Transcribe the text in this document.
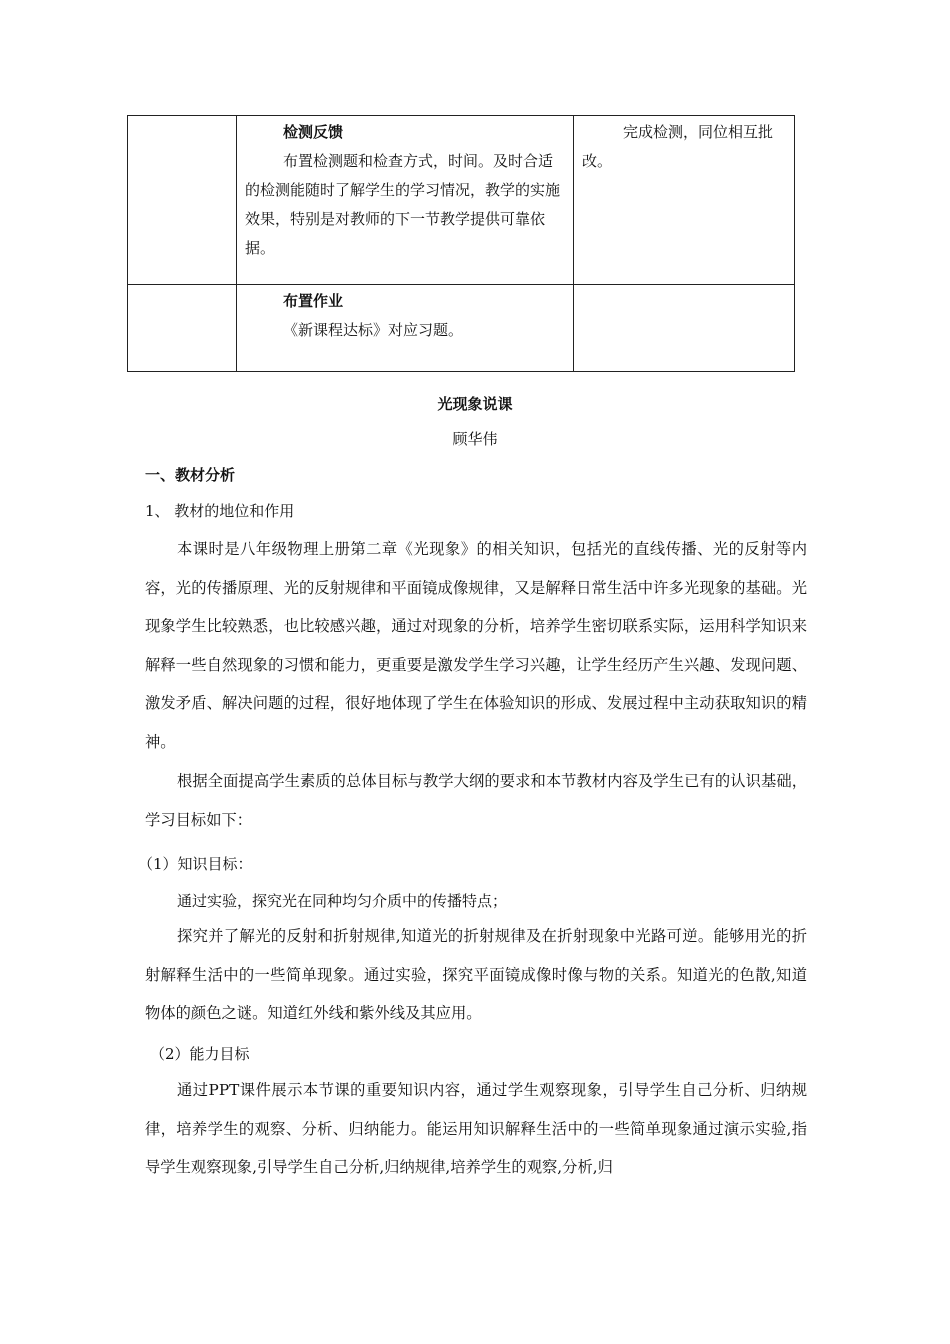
	检测反馈
布置检测题和检查方式，时间。及时合适的检测能随时了解学生的学习情况，教学的实施效果，特别是对教师的下一节教学提供可靠依据。	完成检测，同位相互批改。

	布置作业
《新课程达标》对应习题。	

光现象说课
顾华伟
一、教材分析
1、 教材的地位和作用
本课时是八年级物理上册第二章《光现象》的相关知识，包括光的直线传播、光的反射等内容，光的传播原理、光的反射规律和平面镜成像规律，又是解释日常生活中许多光现象的基础。光现象学生比较熟悉，也比较感兴趣，通过对现象的分析，培养学生密切联系实际，运用科学知识来解释一些自然现象的习惯和能力，更重要是激发学生学习兴趣，让学生经历产生兴趣、发现问题、激发矛盾、解决问题的过程，很好地体现了学生在体验知识的形成、发展过程中主动获取知识的精神。
根据全面提高学生素质的总体目标与教学大纲的要求和本节教材内容及学生已有的认识基础，学习目标如下：
（1）知识目标：
通过实验，探究光在同种均匀介质中的传播特点；
探究并了解光的反射和折射规律,知道光的折射规律及在折射现象中光路可逆。能够用光的折射解释生活中的一些简单现象。通过实验，探究平面镜成像时像与物的关系。知道光的色散,知道物体的颜色之谜。知道红外线和紫外线及其应用。
（2）能力目标
通过PPT课件展示本节课的重要知识内容，通过学生观察现象，引导学生自己分析、归纳规律，培养学生的观察、分析、归纳能力。能运用知识解释生活中的一些简单现象通过演示实验,指导学生观察现象,引导学生自己分析,归纳规律,培养学生的观察,分析,归
